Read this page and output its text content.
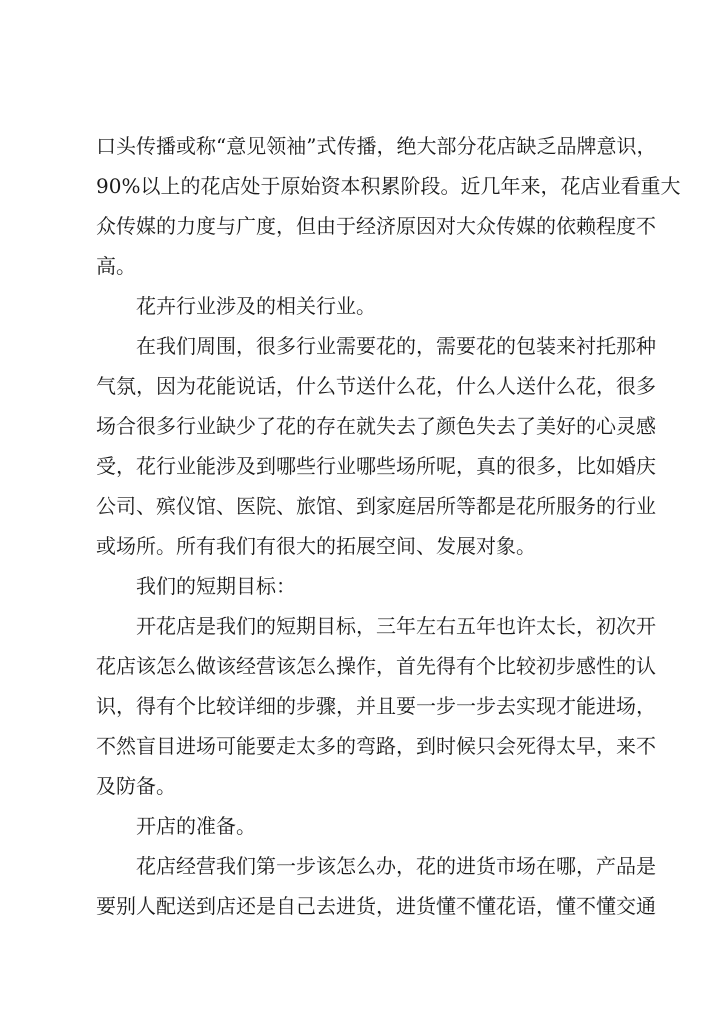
口头传播或称“意见领袖”式传播，绝大部分花店缺乏品牌意识，
90%以上的花店处于原始资本积累阶段。近几年来，花店业看重大
众传媒的力度与广度，但由于经济原因对大众传媒的依赖程度不
高。
花卉行业涉及的相关行业。
在我们周围，很多行业需要花的，需要花的包装来衬托那种
气氛，因为花能说话，什么节送什么花，什么人送什么花，很多
场合很多行业缺少了花的存在就失去了颜色失去了美好的心灵感
受，花行业能涉及到哪些行业哪些场所呢，真的很多，比如婚庆
公司、殡仪馆、医院、旅馆、到家庭居所等都是花所服务的行业
或场所。所有我们有很大的拓展空间、发展对象。
我们的短期目标：
开花店是我们的短期目标，三年左右五年也许太长，初次开
花店该怎么做该经营该怎么操作，首先得有个比较初步感性的认
识，得有个比较详细的步骤，并且要一步一步去实现才能进场，
不然盲目进场可能要走太多的弯路，到时候只会死得太早，来不
及防备。
开店的准备。
花店经营我们第一步该怎么办，花的进货市场在哪，产品是
要别人配送到店还是自己去进货，进货懂不懂花语，懂不懂交通
